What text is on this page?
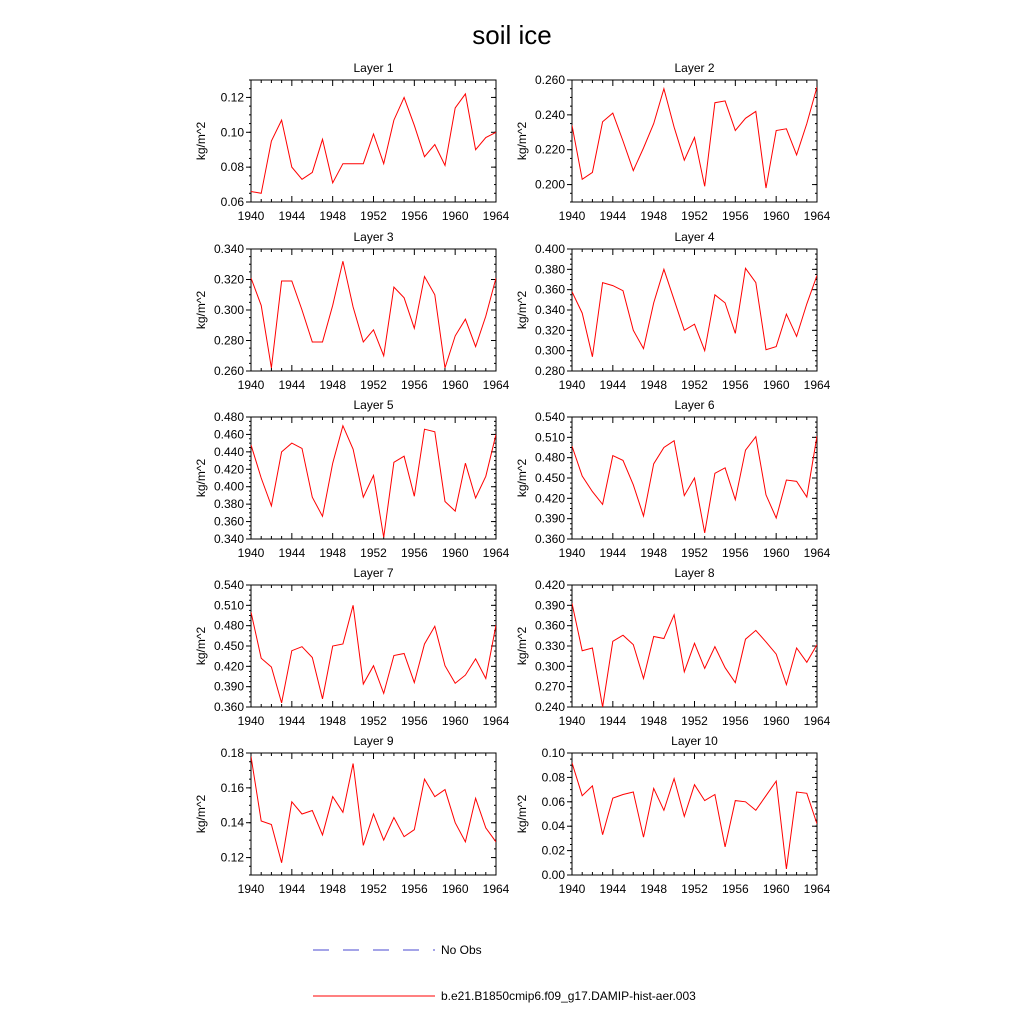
soil ice
Layer 1
1940 1944 1948 1952 1956 1960 1964
0.06
0.08
0.10
0.12
kg/m^2
Layer 2
1940 1944 1948 1952 1956 1960 1964
0.200
0.220
0.240
0.260
kg/m^2
Layer 3
1940 1944 1948 1952 1956 1960 1964
0.260
0.280
0.300
0.320
0.340
kg/m^2
Layer 4
1940 1944 1948 1952 1956 1960 1964
0.280
0.300
0.320
0.340
0.360
0.380
0.400
kg/m^2
Layer 5
1940 1944 1948 1952 1956 1960 1964
0.340
0.360
0.380
0.400
0.420
0.440
0.460
0.480
kg/m^2
Layer 6
1940 1944 1948 1952 1956 1960 1964
0.360
0.390
0.420
0.450
0.480
0.510
0.540
kg/m^2
Layer 7
1940 1944 1948 1952 1956 1960 1964
0.360
0.390
0.420
0.450
0.480
0.510
0.540
kg/m^2
Layer 8
1940 1944 1948 1952 1956 1960 1964
0.240
0.270
0.300
0.330
0.360
0.390
0.420
kg/m^2
Layer 9
1940 1944 1948 1952 1956 1960 1964
0.12
0.14
0.16
0.18
kg/m^2
Layer 10
1940 1944 1948 1952 1956 1960 1964
0.00
0.02
0.04
0.06
0.08
0.10
kg/m^2
No Obs
b.e21.B1850cmip6.f09_g17.DAMIP-hist-aer.003
